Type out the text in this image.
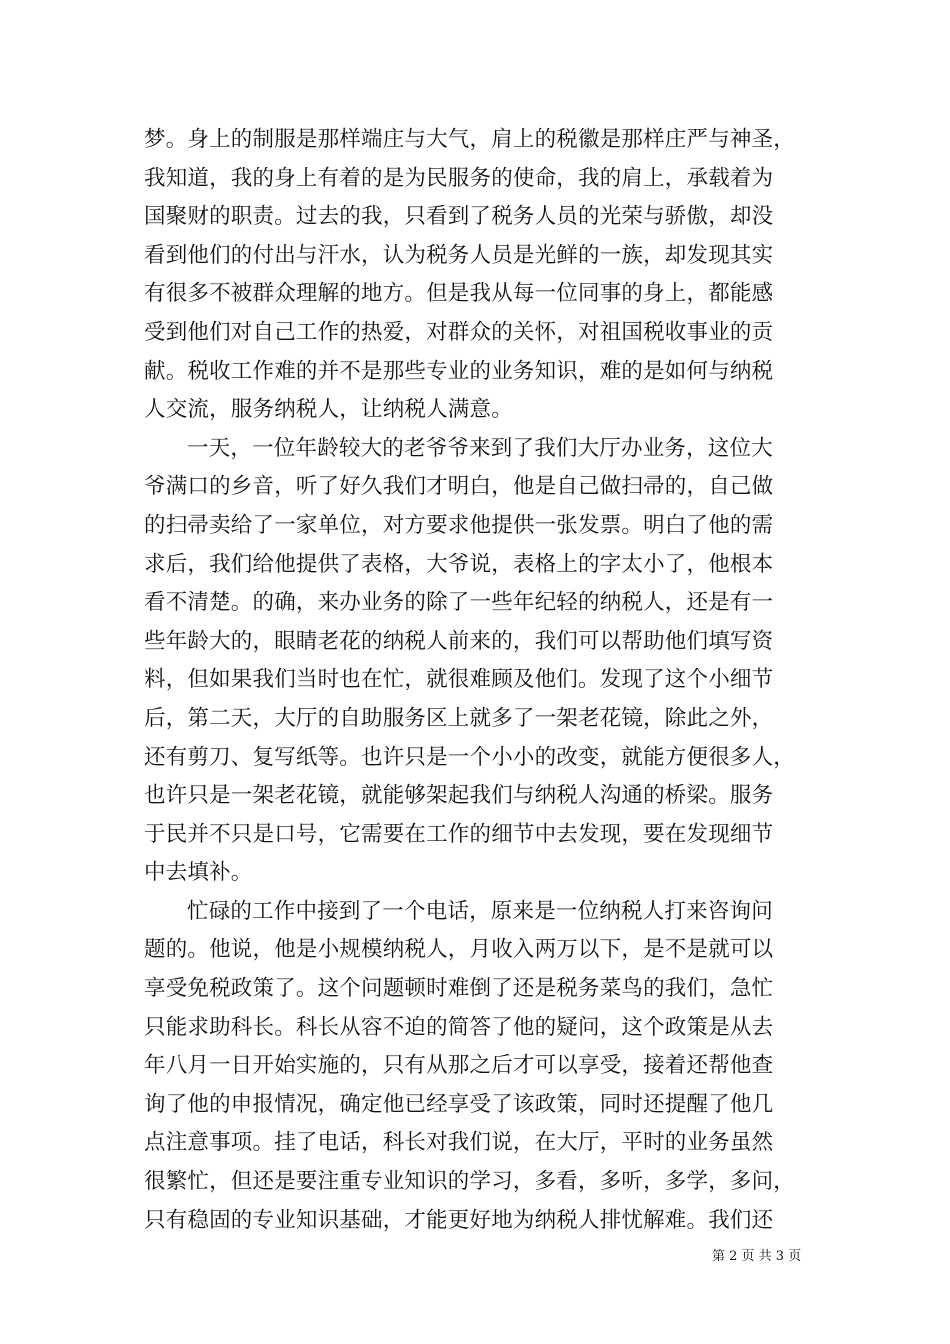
梦。身上的制服是那样端庄与大气，肩上的税徽是那样庄严与神圣，
我知道，我的身上有着的是为民服务的使命，我的肩上，承载着为
国聚财的职责。过去的我，只看到了税务人员的光荣与骄傲，却没
看到他们的付出与汗水，认为税务人员是光鲜的一族，却发现其实
有很多不被群众理解的地方。但是我从每一位同事的身上，都能感
受到他们对自己工作的热爱，对群众的关怀，对祖国税收事业的贡
献。税收工作难的并不是那些专业的业务知识，难的是如何与纳税
人交流，服务纳税人，让纳税人满意。
一天，一位年龄较大的老爷爷来到了我们大厅办业务，这位大
爷满口的乡音，听了好久我们才明白，他是自己做扫帚的，自己做
的扫帚卖给了一家单位，对方要求他提供一张发票。明白了他的需
求后，我们给他提供了表格，大爷说，表格上的字太小了，他根本
看不清楚。的确，来办业务的除了一些年纪轻的纳税人，还是有一
些年龄大的，眼睛老花的纳税人前来的，我们可以帮助他们填写资
料，但如果我们当时也在忙，就很难顾及他们。发现了这个小细节
后，第二天，大厅的自助服务区上就多了一架老花镜，除此之外，
还有剪刀、复写纸等。也许只是一个小小的改变，就能方便很多人，
也许只是一架老花镜，就能够架起我们与纳税人沟通的桥梁。服务
于民并不只是口号，它需要在工作的细节中去发现，要在发现细节
中去填补。
忙碌的工作中接到了一个电话，原来是一位纳税人打来咨询问
题的。他说，他是小规模纳税人，月收入两万以下，是不是就可以
享受免税政策了。这个问题顿时难倒了还是税务菜鸟的我们，急忙
只能求助科长。科长从容不迫的简答了他的疑问，这个政策是从去
年八月一日开始实施的，只有从那之后才可以享受，接着还帮他查
询了他的申报情况，确定他已经享受了该政策，同时还提醒了他几
点注意事项。挂了电话，科长对我们说，在大厅，平时的业务虽然
很繁忙，但还是要注重专业知识的学习，多看，多听，多学，多问，
只有稳固的专业知识基础，才能更好地为纳税人排忧解难。我们还
第 2 页 共 3 页
